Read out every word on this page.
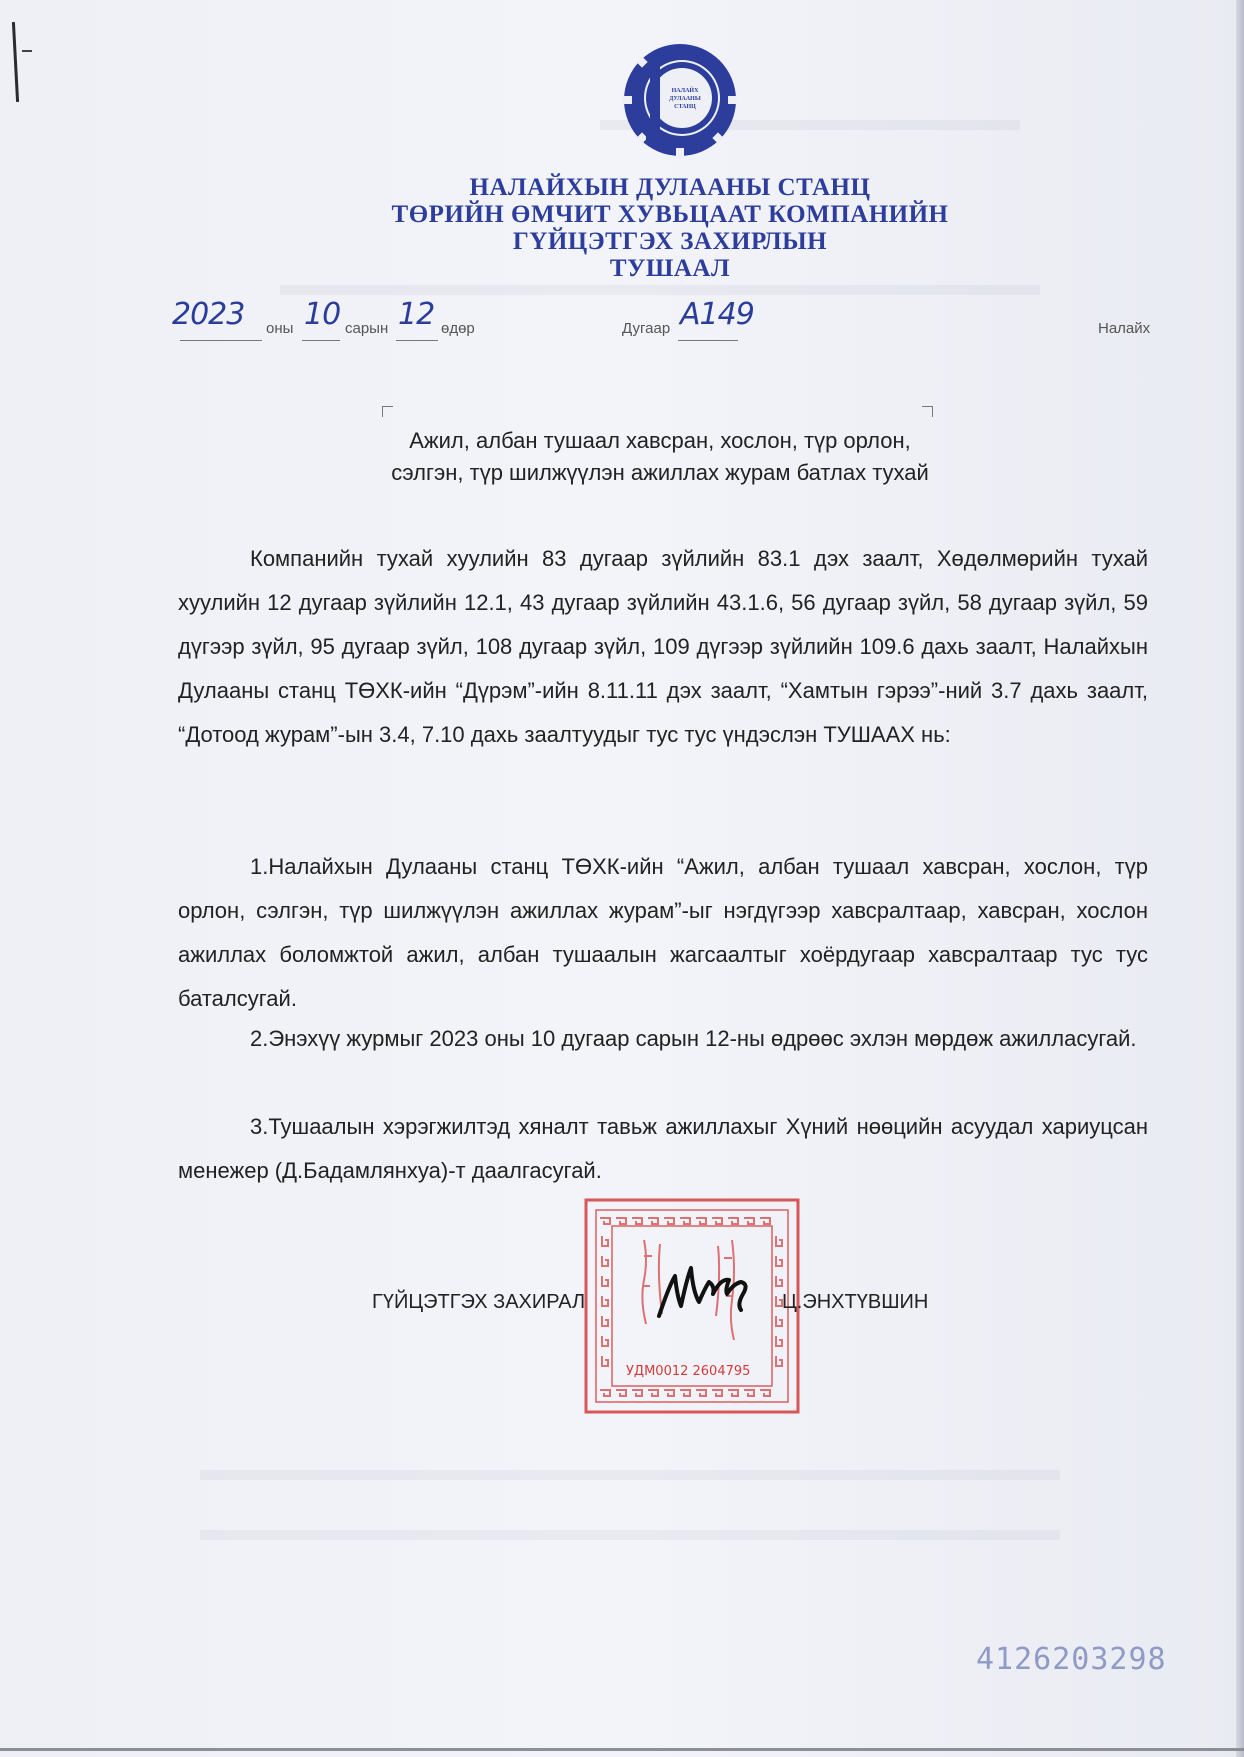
НАЛАЙХ
ДУЛААНЫ
СТАНЦ
НАЛАЙХЫН ДУЛААНЫ СТАНЦ
ТӨРИЙН ӨМЧИТ ХУВЬЦААТ КОМПАНИЙН
ГҮЙЦЭТГЭХ ЗАХИРЛЫН
ТУШААЛ
2023 оны 10 сарын 12 өдөр	Дугаар А149	Налайх
Ажил, албан тушаал хавсран, хослон, түр орлон,
сэлгэн, түр шилжүүлэн ажиллах журам батлах тухай

Компанийн тухай хуулийн 83 дугаар зүйлийн 83.1 дэх заалт, Хөдөлмөрийн тухай хуулийн 12 дугаар зүйлийн 12.1, 43 дугаар зүйлийн 43.1.6, 56 дугаар зүйл, 58 дугаар зүйл, 59 дүгээр зүйл, 95 дугаар зүйл, 108 дугаар зүйл, 109 дүгээр зүйлийн 109.6 дахь заалт, Налайхын Дулааны станц ТӨХК-ийн “Дүрэм”-ийн 8.11.11 дэх заалт, “Хамтын гэрээ”-ний 3.7 дахь заалт, “Дотоод журам”-ын 3.4, 7.10 дахь заалтуудыг тус тус үндэслэн ТУШААХ нь:

1.Налайхын Дулааны станц ТӨХК-ийн “Ажил, албан тушаал хавсран, хослон, түр орлон, сэлгэн, түр шилжүүлэн ажиллах журам”-ыг нэгдүгээр хавсралтаар, хавсран, хослон ажиллах боломжтой ажил, албан тушаалын жагсаалтыг хоёрдугаар хавсралтаар тус тус баталсугай.

2.Энэхүү журмыг 2023 оны 10 дугаар сарын 12-ны өдрөөс эхлэн мөрдөж ажилласугай.

3.Тушаалын хэрэгжилтэд хяналт тавьж ажиллахыг Хүний нөөцийн асуудал хариуцсан менежер (Д.Бадамлянхуа)-т даалгасугай.

УДМ0012 2604795
ГҮЙЦЭТГЭХ ЗАХИРАЛ	Ц.ЭНХТҮВШИН
4126203298
